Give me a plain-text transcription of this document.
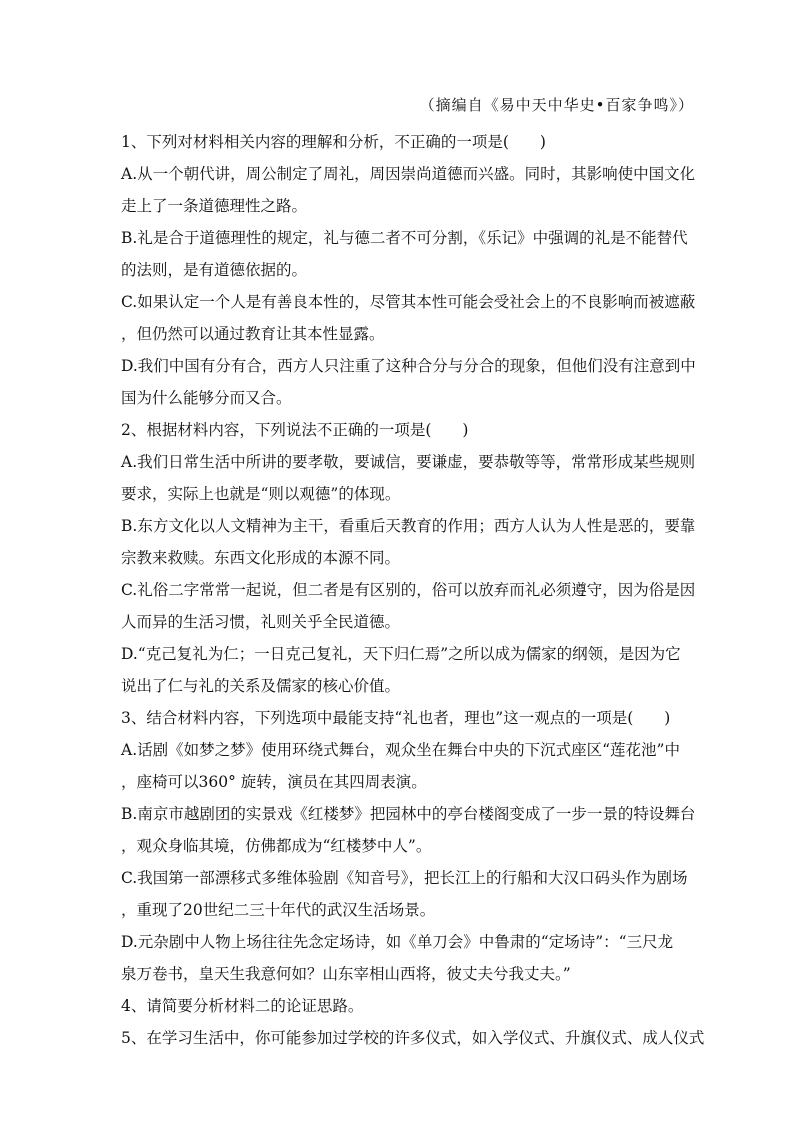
（摘编自《易中天中华史•百家争鸣》）
1、下列对材料相关内容的理解和分析，不正确的一项是(　　)
A.从一个朝代讲，周公制定了周礼，周因崇尚道德而兴盛。同时，其影响使中国文化
走上了一条道德理性之路。
B.礼是合于道德理性的规定，礼与德二者不可分割，《乐记》中强调的礼是不能替代
的法则，是有道德依据的。
C.如果认定一个人是有善良本性的，尽管其本性可能会受社会上的不良影响而被遮蔽
，但仍然可以通过教育让其本性显露。
D.我们中国有分有合，西方人只注重了这种合分与分合的现象，但他们没有注意到中
国为什么能够分而又合。
2、根据材料内容，下列说法不正确的一项是(　　)
A.我们日常生活中所讲的要孝敬，要诚信，要谦虚，要恭敬等等，常常形成某些规则
要求，实际上也就是“则以观德”的体现。
B.东方文化以人文精神为主干，看重后天教育的作用；西方人认为人性是恶的，要靠
宗教来救赎。东西文化形成的本源不同。
C.礼俗二字常常一起说，但二者是有区别的，俗可以放弃而礼必须遵守，因为俗是因
人而异的生活习惯，礼则关乎全民道德。
D.“克己复礼为仁；一日克己复礼，天下归仁焉”之所以成为儒家的纲领，是因为它
说出了仁与礼的关系及儒家的核心价值。
3、结合材料内容，下列选项中最能支持“礼也者，理也”这一观点的一项是(　　)
A.话剧《如梦之梦》使用环绕式舞台，观众坐在舞台中央的下沉式座区“莲花池”中
，座椅可以360° 旋转，演员在其四周表演。
B.南京市越剧团的实景戏《红楼梦》把园林中的亭台楼阁变成了一步一景的特设舞台
，观众身临其境，仿佛都成为“红楼梦中人”。
C.我国第一部漂移式多维体验剧《知音号》，把长江上的行船和大汉口码头作为剧场
，重现了20世纪二三十年代的武汉生活场景。
D.元杂剧中人物上场往往先念定场诗，如《单刀会》中鲁肃的“定场诗”：“三尺龙
泉万卷书，皇天生我意何如？山东宰相山西将，彼丈夫兮我丈夫。”
4、请简要分析材料二的论证思路。
5、在学习生活中，你可能参加过学校的许多仪式，如入学仪式、升旗仪式、成人仪式
